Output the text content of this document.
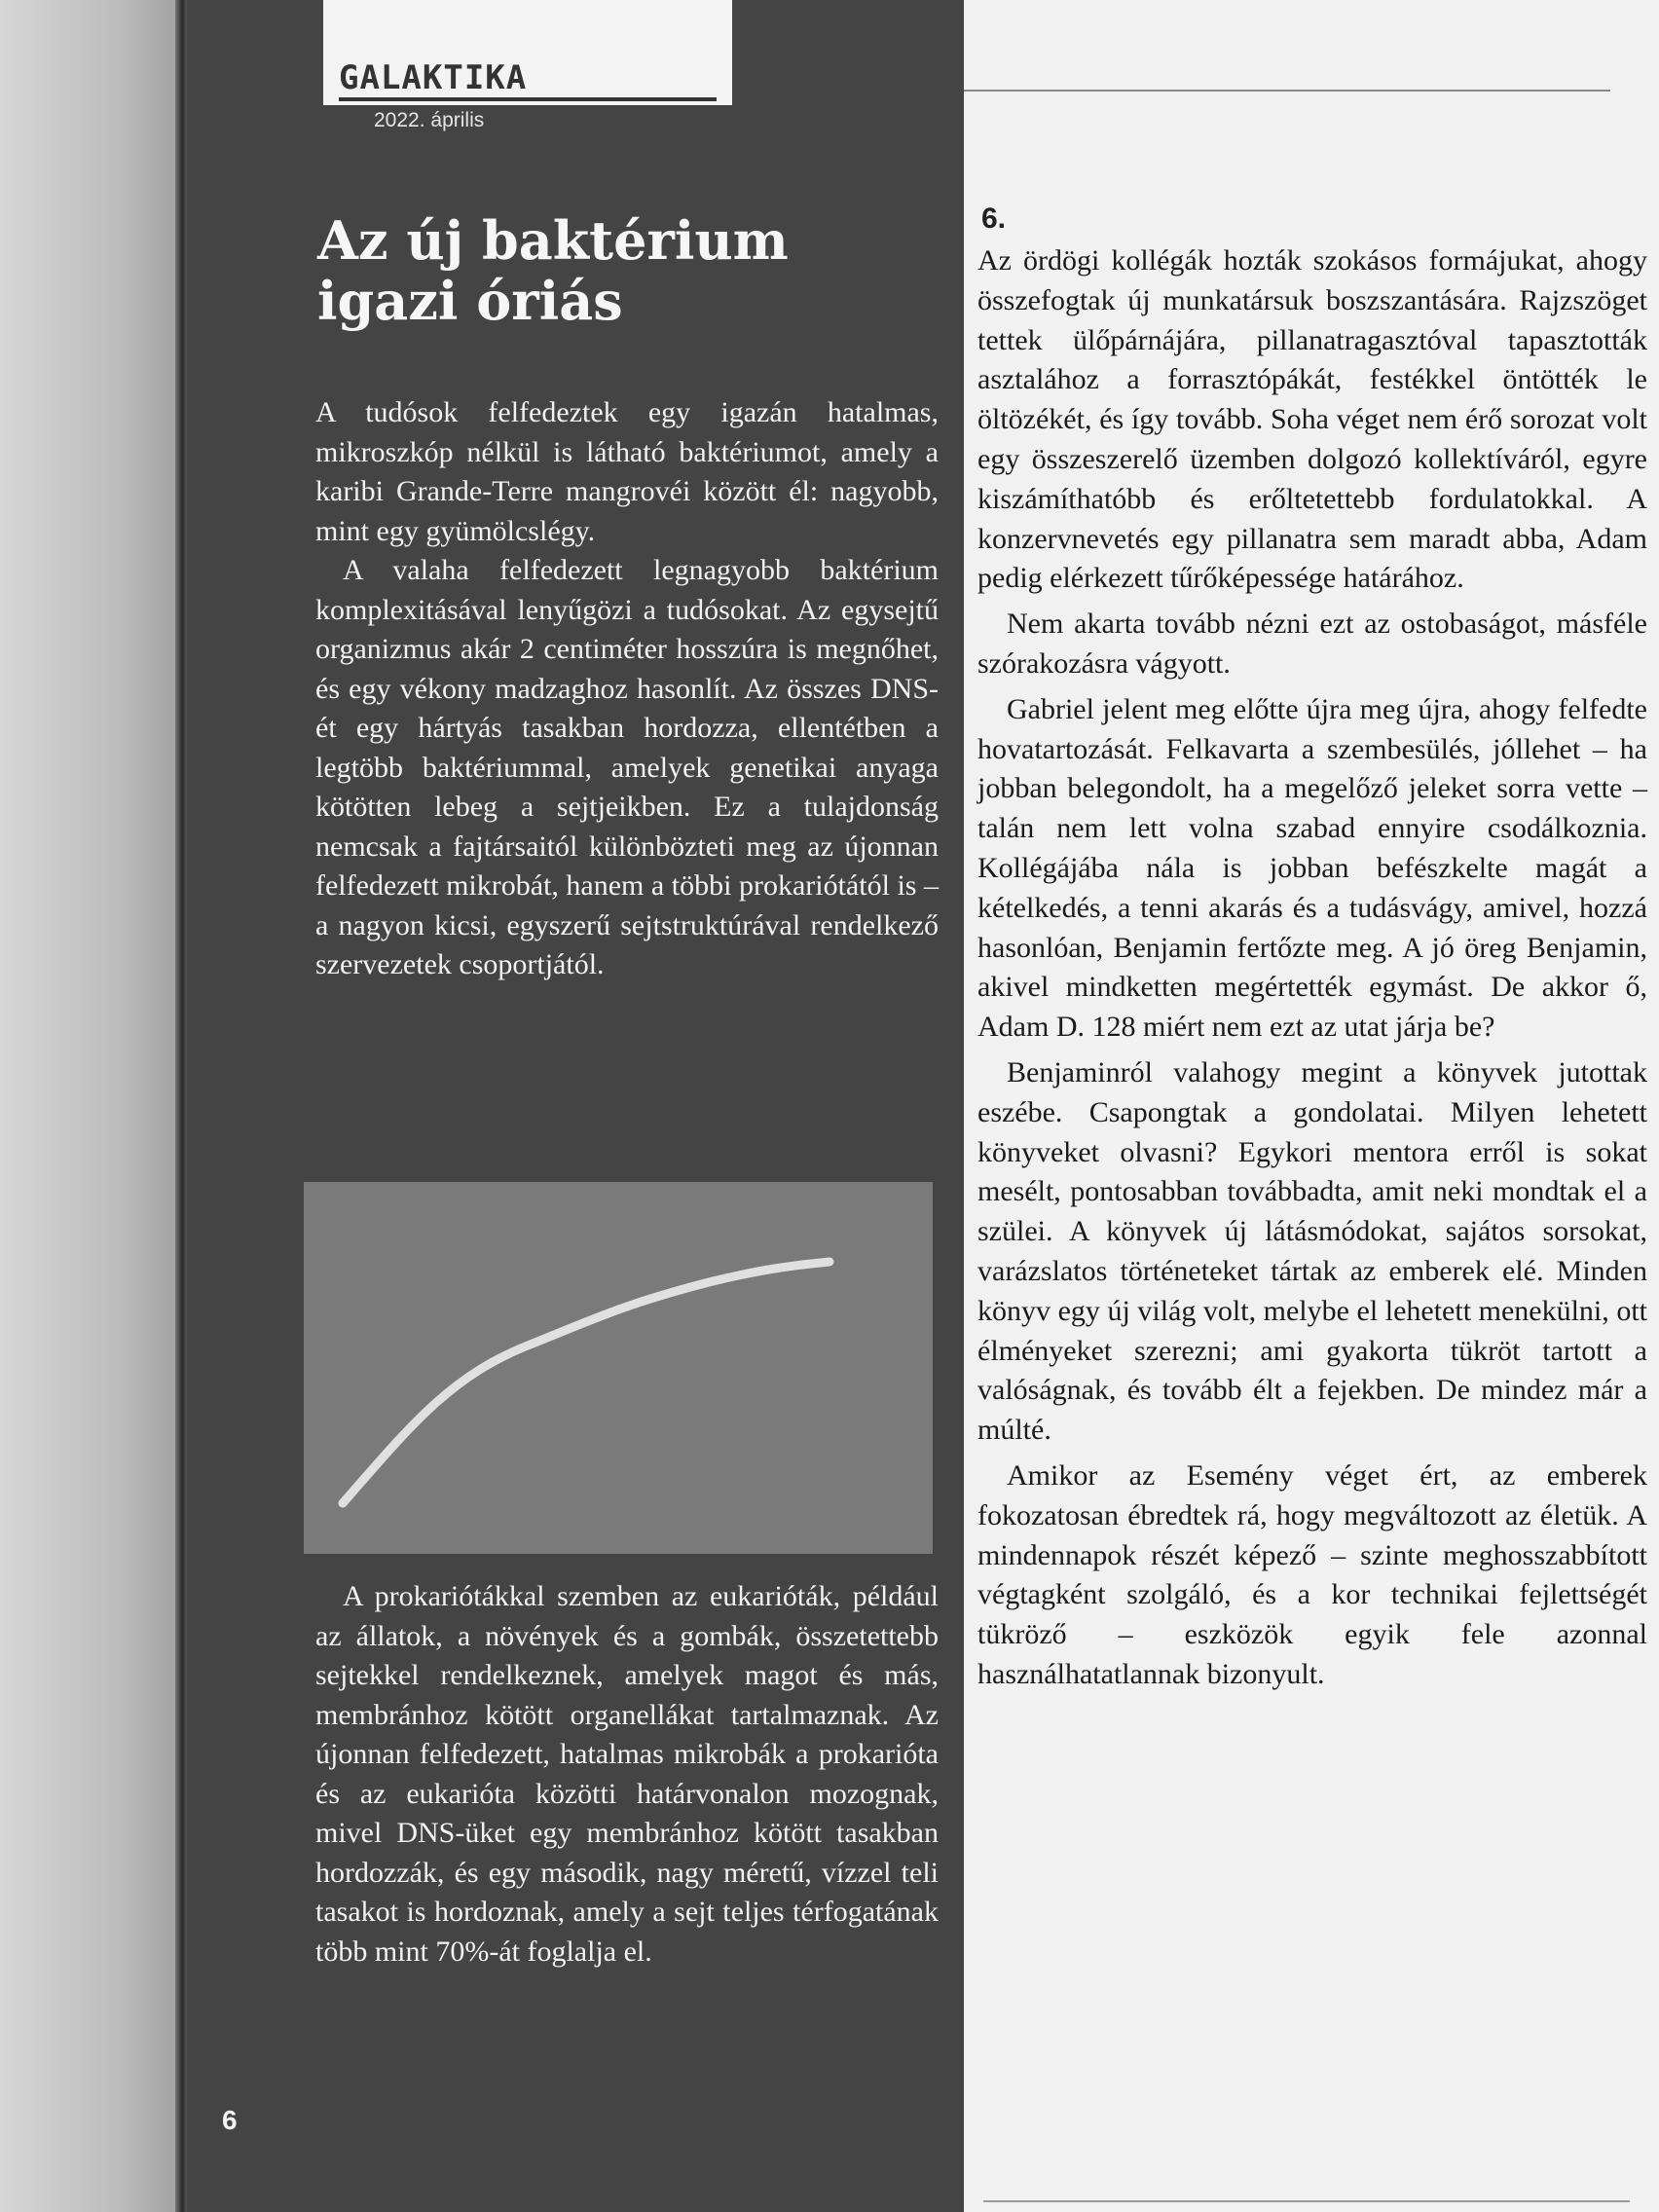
GALAKTIKA
2022. április
Az új baktérium
igazi óriás

A tudósok felfedeztek egy igazán hatalmas, mikroszkóp nélkül is látható baktériumot, amely a karibi Grande-Terre mangrovéi között él: nagyobb, mint egy gyümölcslégy.

A valaha felfedezett legnagyobb baktérium komplexitásával lenyűgözi a tudósokat. Az egysejtű organizmus akár 2 centiméter hosszúra is megnőhet, és egy vékony madzaghoz hasonlít. Az összes DNS-ét egy hártyás tasakban hordozza, ellentétben a legtöbb baktériummal, amelyek genetikai anyaga kötötten lebeg a sejtjeikben. Ez a tulajdonság nemcsak a fajtársaitól különbözteti meg az újonnan felfedezett mikrobát, hanem a többi prokariótától is – a nagyon kicsi, egyszerű sejtstruktúrával rendelkező szervezetek csoportjától.

A prokariótákkal szemben az eukarióták, például az állatok, a növények és a gombák, összetettebb sejtekkel rendelkeznek, amelyek magot és más, membránhoz kötött organellákat tartalmaznak. Az újonnan felfedezett, hatalmas mikrobák a prokarióta és az eukarióta közötti határvonalon mozognak, mivel DNS-üket egy membránhoz kötött tasakban hordozzák, és egy második, nagy méretű, vízzel teli tasakot is hordoznak, amely a sejt teljes térfogatának több mint 70%-át foglalja el.

6
6.

Az ördögi kollégák hozták szokásos formájukat, ahogy összefogtak új munkatársuk boszszantására. Rajzszöget tettek ülőpárnájára, pillanatragasztóval tapasztották asztalához a forrasztópákát, festékkel öntötték le öltözékét, és így tovább. Soha véget nem érő sorozat volt egy összeszerelő üzemben dolgozó kollektíváról, egyre kiszámíthatóbb és erőltetettebb fordulatokkal. A konzervnevetés egy pillanatra sem maradt abba, Adam pedig elérkezett tűrőképessége határához.

Nem akarta tovább nézni ezt az ostobaságot, másféle szórakozásra vágyott.

Gabriel jelent meg előtte újra meg újra, ahogy felfedte hovatartozását. Felkavarta a szembesülés, jóllehet – ha jobban belegondolt, ha a megelőző jeleket sorra vette – talán nem lett volna szabad ennyire csodálkoznia. Kollégájába nála is jobban befészkelte magát a kételkedés, a tenni akarás és a tudásvágy, amivel, hozzá hasonlóan, Benjamin fertőzte meg. A jó öreg Benjamin, akivel mindketten megértették egymást. De akkor ő, Adam D. 128 miért nem ezt az utat járja be?

Benjaminról valahogy megint a könyvek jutottak eszébe. Csapongtak a gondolatai. Milyen lehetett könyveket olvasni? Egykori mentora erről is sokat mesélt, pontosabban továbbadta, amit neki mondtak el a szülei. A könyvek új látásmódokat, sajátos sorsokat, varázslatos történeteket tártak az emberek elé. Minden könyv egy új világ volt, melybe el lehetett menekülni, ott élményeket szerezni; ami gyakorta tükröt tartott a valóságnak, és tovább élt a fejekben. De mindez már a múlté.

Amikor az Esemény véget ért, az emberek fokozatosan ébredtek rá, hogy megváltozott az életük. A mindennapok részét képező – szinte meghosszabbított végtagként szolgáló, és a kor technikai fejlettségét tükröző – eszközök egyik fele azonnal használhatatlannak bizonyult.
